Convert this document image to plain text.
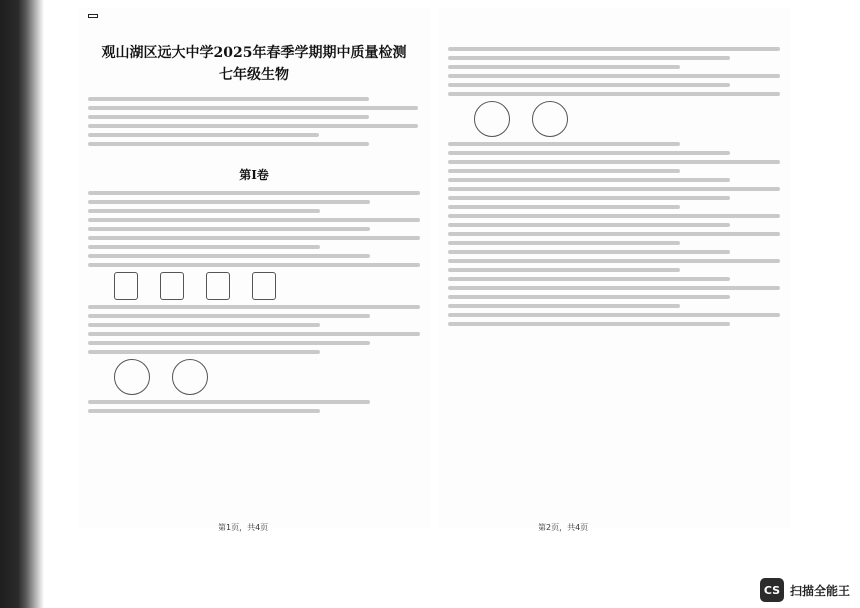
观山湖区远大中学2025年春季学期期中质量检测
七年级生物
第Ⅰ卷
第1页，共4页	第2页，共4页
CS 扫描全能王
